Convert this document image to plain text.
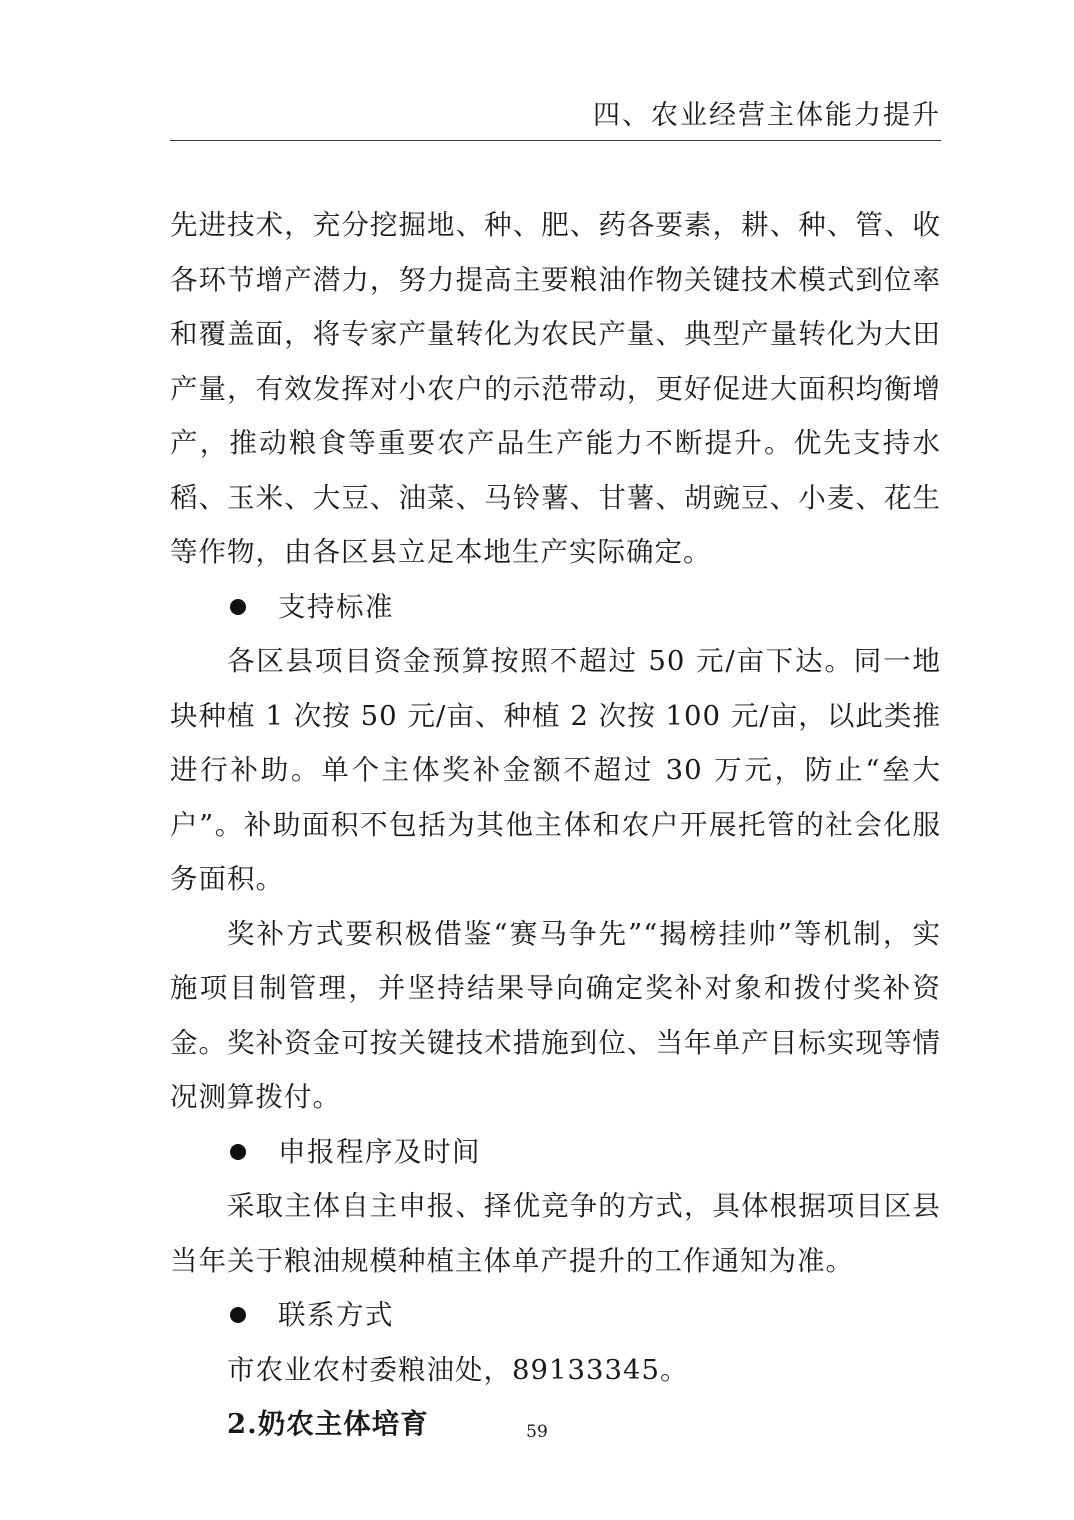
四、农业经营主体能力提升

先进技术，充分挖掘地、种、肥、药各要素，耕、种、管、收各环节增产潜力，努力提高主要粮油作物关键技术模式到位率和覆盖面，将专家产量转化为农民产量、典型产量转化为大田产量，有效发挥对小农户的示范带动，更好促进大面积均衡增产，推动粮食等重要农产品生产能力不断提升。优先支持水稻、玉米、大豆、油菜、马铃薯、甘薯、胡豌豆、小麦、花生等作物，由各区县立足本地生产实际确定。

支持标准

各区县项目资金预算按照不超过 50 元/亩下达。同一地块种植 1 次按 50 元/亩、种植 2 次按 100 元/亩，以此类推进行补助。单个主体奖补金额不超过 30 万元，防止“垒大户”。补助面积不包括为其他主体和农户开展托管的社会化服务面积。

奖补方式要积极借鉴“赛马争先”“揭榜挂帅”等机制，实施项目制管理，并坚持结果导向确定奖补对象和拨付奖补资金。奖补资金可按关键技术措施到位、当年单产目标实现等情况测算拨付。

申报程序及时间

采取主体自主申报、择优竞争的方式，具体根据项目区县当年关于粮油规模种植主体单产提升的工作通知为准。

联系方式

市农业农村委粮油处，89133345。

2.奶农主体培育	59
